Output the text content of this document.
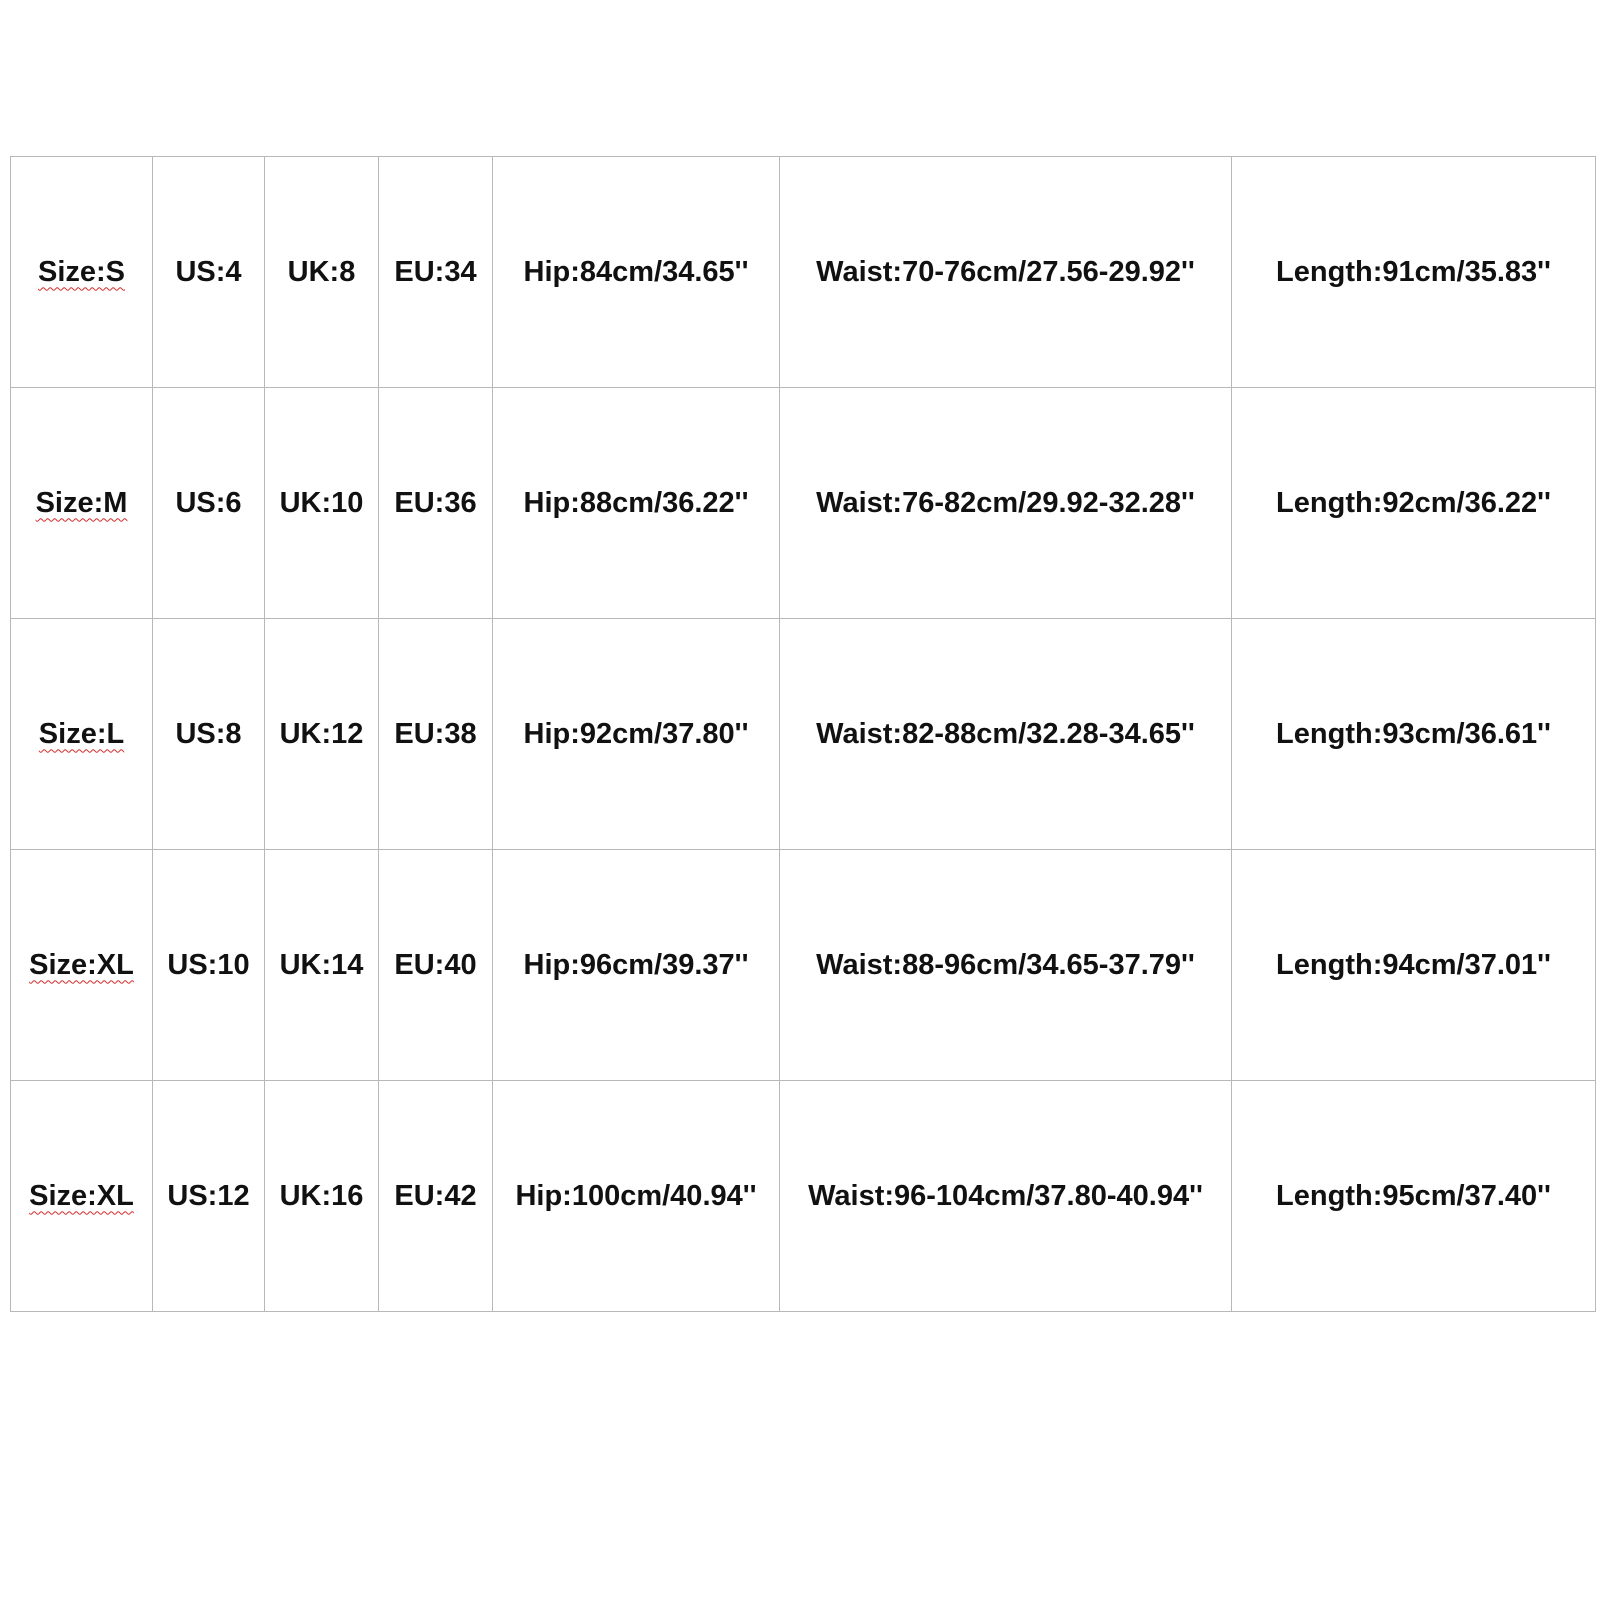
Size:S	US:4	UK:8	EU:34	Hip:84cm/34.65''	Waist:70-76cm/27.56-29.92''	Length:91cm/35.83''
Size:M	US:6	UK:10	EU:36	Hip:88cm/36.22''	Waist:76-82cm/29.92-32.28''	Length:92cm/36.22''
Size:L	US:8	UK:12	EU:38	Hip:92cm/37.80''	Waist:82-88cm/32.28-34.65''	Length:93cm/36.61''
Size:XL	US:10	UK:14	EU:40	Hip:96cm/39.37''	Waist:88-96cm/34.65-37.79''	Length:94cm/37.01''
Size:XL	US:12	UK:16	EU:42	Hip:100cm/40.94''	Waist:96-104cm/37.80-40.94''	Length:95cm/37.40''
